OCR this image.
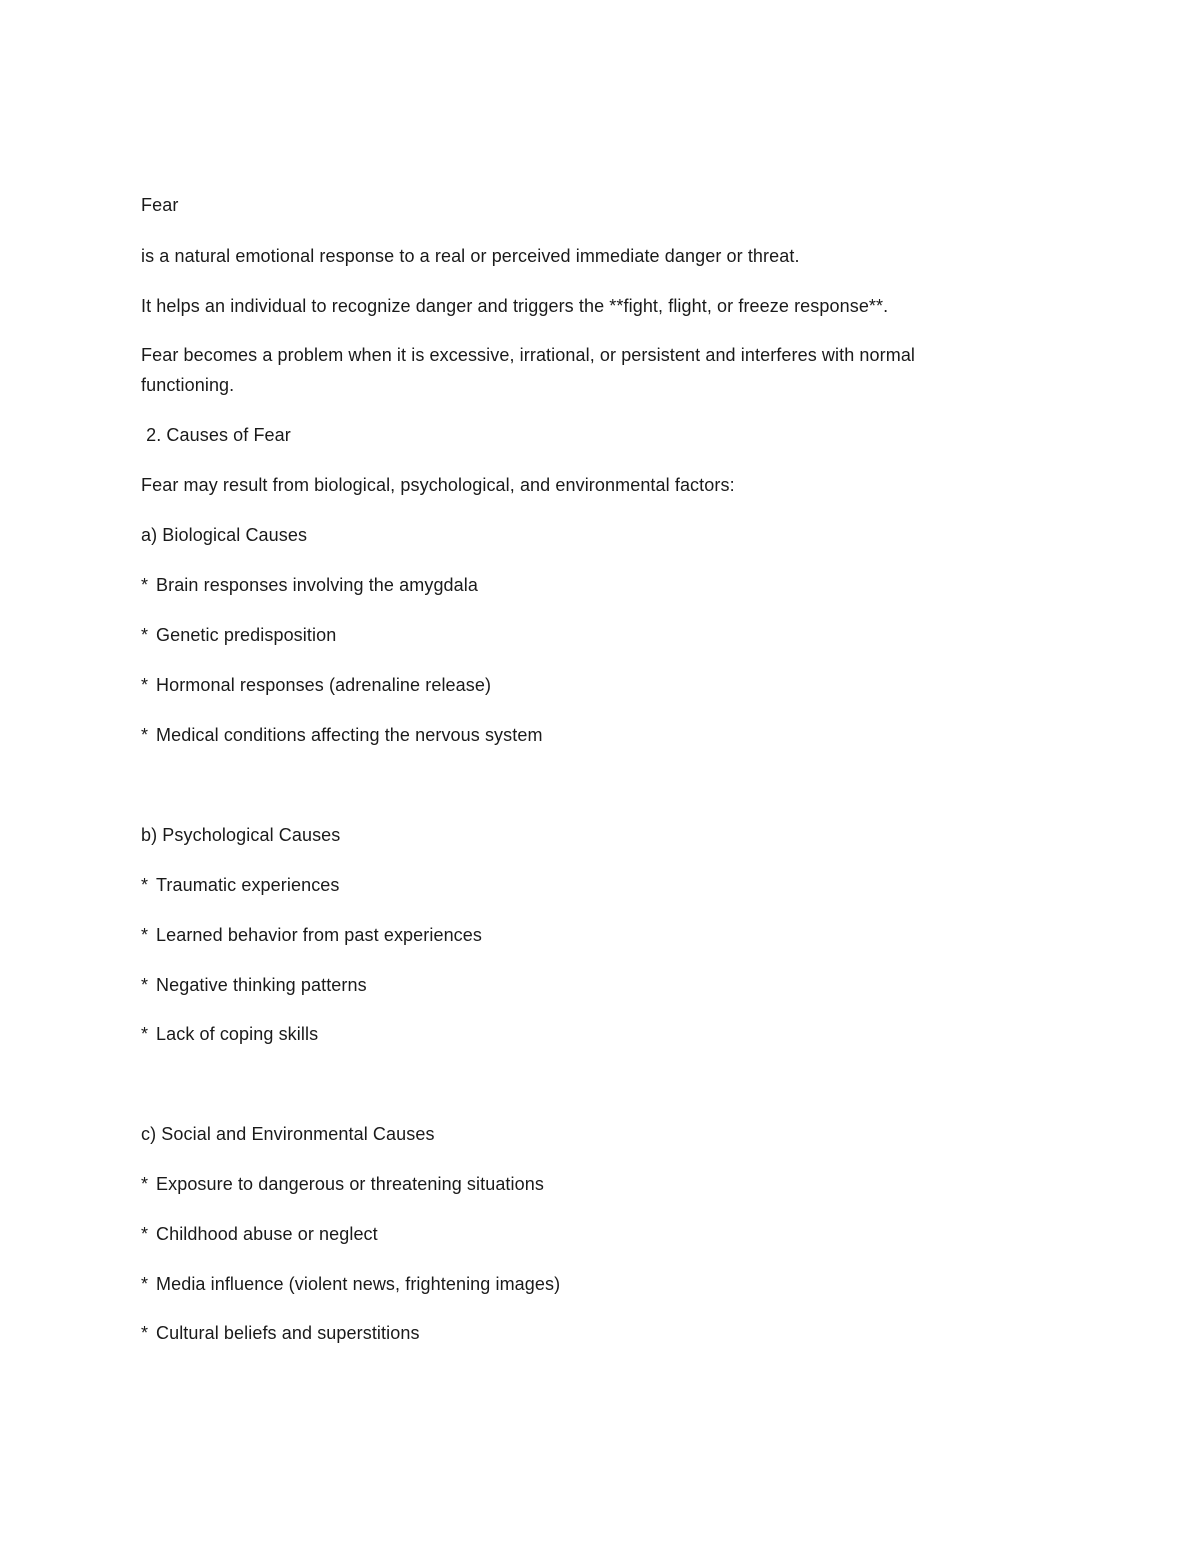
Fear
is a natural emotional response to a real or perceived immediate danger or threat.
It helps an individual to recognize danger and triggers the **fight, flight, or freeze response**.
Fear becomes a problem when it is excessive, irrational, or persistent and interferes with normal functioning.
2. Causes of Fear
Fear may result from biological, psychological, and environmental factors:
a) Biological Causes
* Brain responses involving the amygdala
* Genetic predisposition
* Hormonal responses (adrenaline release)
* Medical conditions affecting the nervous system
b) Psychological Causes
* Traumatic experiences
* Learned behavior from past experiences
* Negative thinking patterns
* Lack of coping skills
c) Social and Environmental Causes
* Exposure to dangerous or threatening situations
* Childhood abuse or neglect
* Media influence (violent news, frightening images)
* Cultural beliefs and superstitions
